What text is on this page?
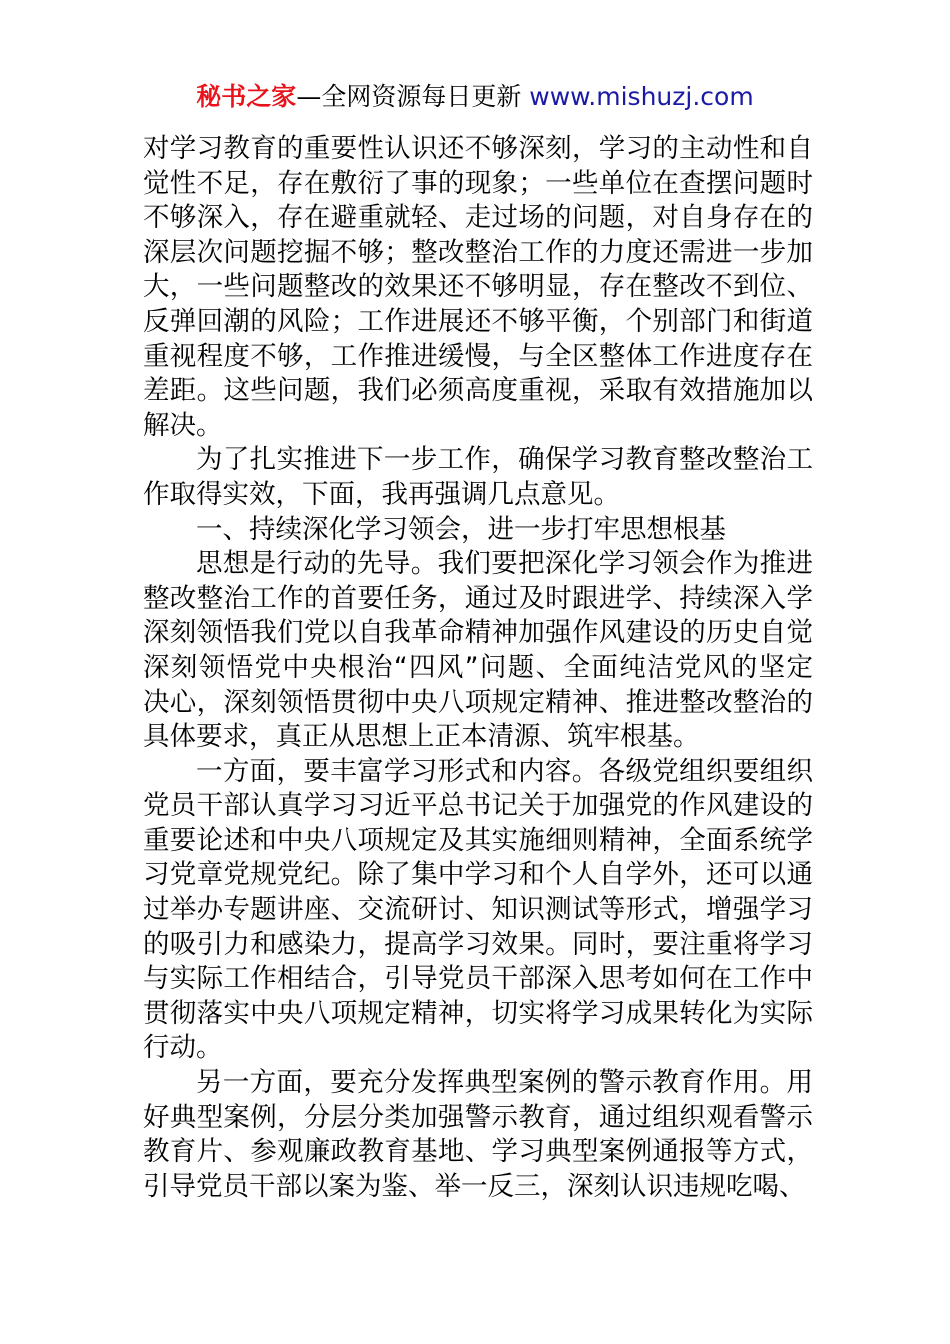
秘书之家—全网资源每日更新 www.mishuzj.com
对学习教育的重要性认识还不够深刻，学习的主动性和自
觉性不足，存在敷衍了事的现象；一些单位在查摆问题时
不够深入，存在避重就轻、走过场的问题，对自身存在的
深层次问题挖掘不够；整改整治工作的力度还需进一步加
大，一些问题整改的效果还不够明显，存在整改不到位、
反弹回潮的风险；工作进展还不够平衡，个别部门和街道
重视程度不够，工作推进缓慢，与全区整体工作进度存在
差距。这些问题，我们必须高度重视，采取有效措施加以
解决。
为了扎实推进下一步工作，确保学习教育整改整治工
作取得实效，下面，我再强调几点意见。
一、持续深化学习领会，进一步打牢思想根基
思想是行动的先导。我们要把深化学习领会作为推进
整改整治工作的首要任务，通过及时跟进学、持续深入学
深刻领悟我们党以自我革命精神加强作风建设的历史自觉
深刻领悟党中央根治“四风”问题、全面纯洁党风的坚定
决心，深刻领悟贯彻中央八项规定精神、推进整改整治的
具体要求，真正从思想上正本清源、筑牢根基。
一方面，要丰富学习形式和内容。各级党组织要组织
党员干部认真学习习近平总书记关于加强党的作风建设的
重要论述和中央八项规定及其实施细则精神，全面系统学
习党章党规党纪。除了集中学习和个人自学外，还可以通
过举办专题讲座、交流研讨、知识测试等形式，增强学习
的吸引力和感染力，提高学习效果。同时，要注重将学习
与实际工作相结合，引导党员干部深入思考如何在工作中
贯彻落实中央八项规定精神，切实将学习成果转化为实际
行动。
另一方面，要充分发挥典型案例的警示教育作用。用
好典型案例，分层分类加强警示教育，通过组织观看警示
教育片、参观廉政教育基地、学习典型案例通报等方式，
引导党员干部以案为鉴、举一反三，深刻认识违规吃喝、
